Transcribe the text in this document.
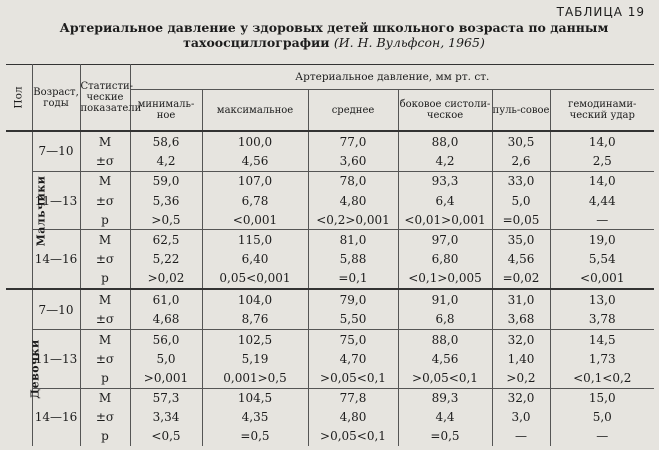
ТАБЛИЦА 19
Артериальное давление у здоровых детей школьного возраста по данным
тахоосциллографии (И. Н. Вульфсон, 1965)
Пол	Возраст, годы	Статисти-ческие показатели	Артериальное давление, мм рт. ст.					
			минималь-ное	максимальное	среднее	боковое систоли-ческое	пуль-совое	гемодинами-ческий удар
Мальчики	7—10	М	58,6	100,0	77,0	88,0	30,5	14,0
		±σ	4,2	4,56	3,60	4,2	2,6	2,5
	11—13	М	59,0	107,0	78,0	93,3	33,0	14,0
		±σ	5,36	6,78	4,80	6,4	5,0	4,44
		р	>0,5	<0,001	<0,2>0,001	<0,01>0,001	=0,05	—
	14—16	М	62,5	115,0	81,0	97,0	35,0	19,0
		±σ	5,22	6,40	5,88	6,80	4,56	5,54
		р	>0,02	0,05<0,001	=0,1	<0,1>0,005	=0,02	<0,001
Девочки	7—10	М	61,0	104,0	79,0	91,0	31,0	13,0
		±σ	4,68	8,76	5,50	6,8	3,68	3,78
	11—13	М	56,0	102,5	75,0	88,0	32,0	14,5
		±σ	5,0	5,19	4,70	4,56	1,40	1,73
		р	>0,001	0,001>0,5	>0,05<0,1	>0,05<0,1	>0,2	<0,1<0,2
	14—16	М	57,3	104,5	77,8	89,3	32,0	15,0
		±σ	3,34	4,35	4,80	4,4	3,0	5,0
		р	<0,5	=0,5	>0,05<0,1	=0,5	—	—
